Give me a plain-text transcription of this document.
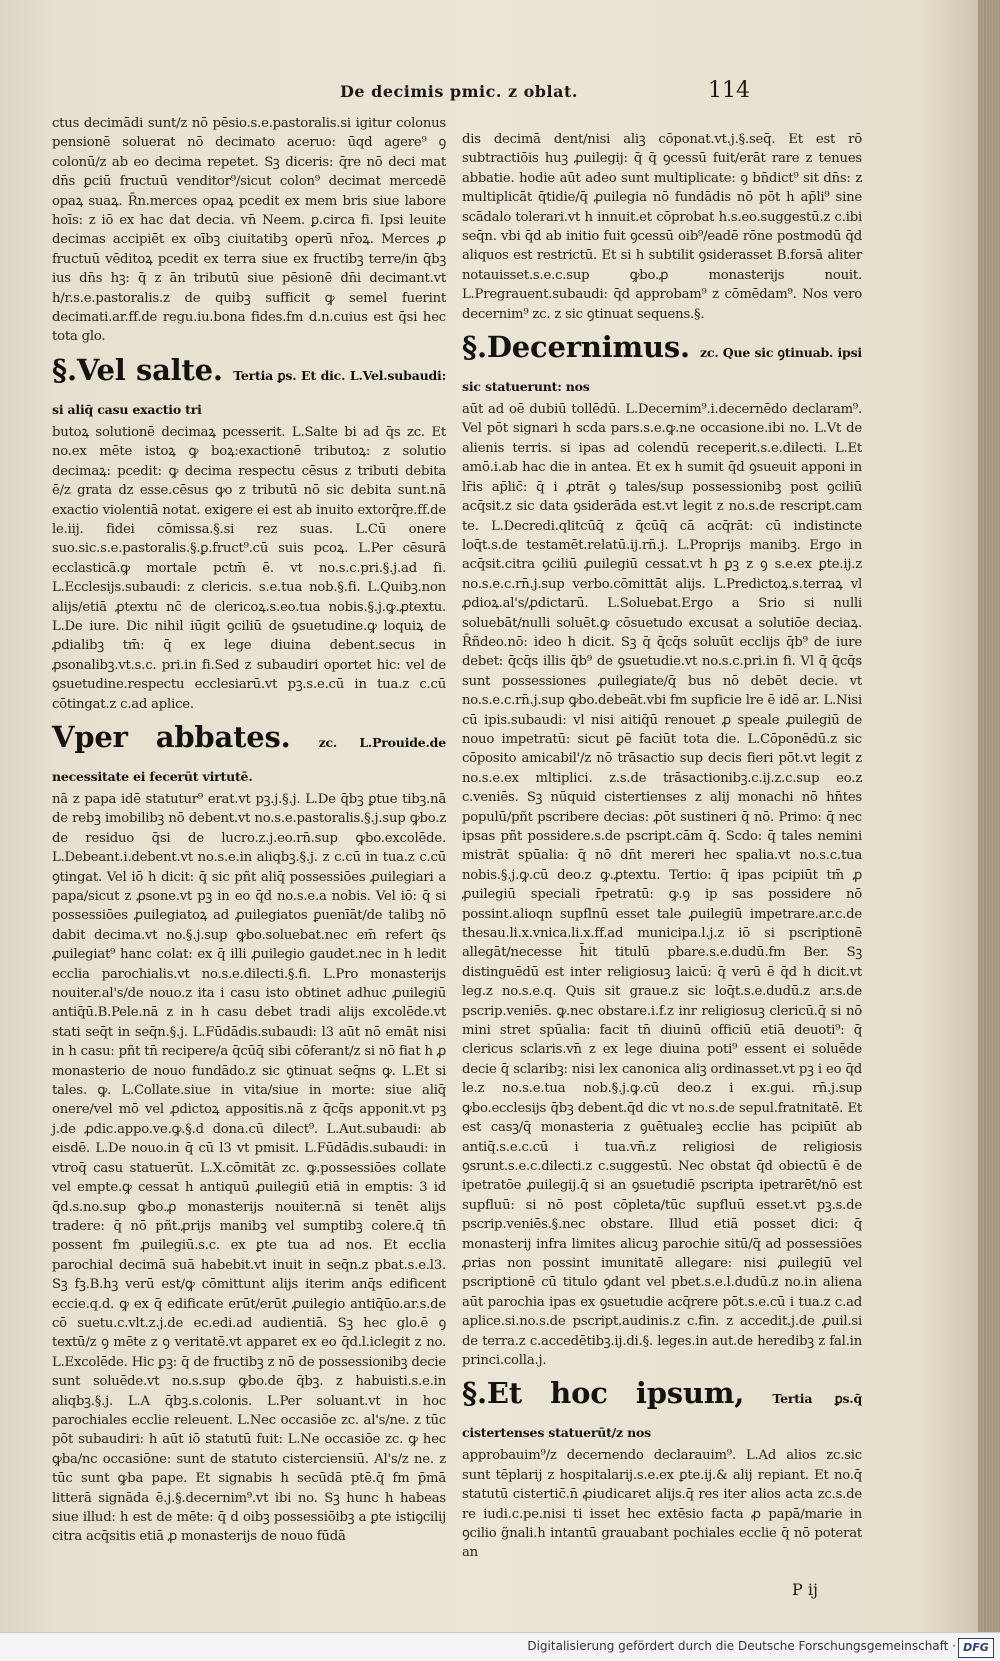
De decimis pmic. z oblat.	114

ctus decimādi sunt/z nō pēsio.s.e.pastoralis.si igitur colonus pensionē soluerat nō decimato aceruo: ūqd agere⁹ ꝯ colonū/z ab eo decima repetet. Sꝫ diceris: q̄re nō deci mat dn̄s ꝑciū fructuū venditor⁹/sicut colon⁹ decimat mercedē opaꝝ suaꝝ. R̄n.merces opaꝝ pcedit ex mem bris siue labore hoīs: z iō ex hac dat decia. vn̄ Neem. ꝑ.circa fi. Ipsi leuite decimas accipiēt ex oībꝫ ciuitatibꝫ operū nr̄oꝝ. Merces ꝓ fructuū vēditoꝝ pcedit ex terra siue ex fructibꝫ terre/in q̄bꝫ ius dn̄s hꝫ: q̄ z ān tributū siue pēsionē dn̄i decimant.vt h/r.s.e.pastoralis.z de quibꝫ sufficit ꝙ semel fuerint decimati.ar.ff.de regu.iu.bona fides.fm d.n.cuius est q̄si hec tota glo.

§.Vel salte. Tertia ꝑs. Et dic. L.Vel.subaudi: si aliq̄ casu exactio tri

butoꝝ solutionē decimaꝝ pcesserit. L.Salte bi ad q̄s zc. Et no.ex mēte istoꝝ ꝙ boꝝ:exactionē tributoꝝ: z solutio decimaꝝ: pcedit: ꝙ decima respectu cēsus z tributi debita ē/z grata dz esse.cēsus ꝙo z tributū nō sic debita sunt.nā exactio violentiā notat. exigere ei est ab inuito extorq̄re.ff.de le.iij. fidei cōmissa.§.si rez suas. L.Cū onere suo.sic.s.e.pastoralis.§.ꝑ.fruct⁹.cū suis pcoꝝ. L.Per cēsurā ecclasticā.ꝙ mortale pctm̄ ē. vt no.s.c.pri.§.j.ad fi. L.Ecclesijs.subaudi: z clericis. s.e.tua nob.§.fi. L.Quibꝫ.non alijs/etiā ꝓtextu nc̄ de clericoꝝ.s.eo.tua nobis.§.j.ꝙ.ꝓtextu. L.De iure. Dic nihil iūgit ꝯciliū de ꝯsuetudine.ꝙ loquiꝝ de ꝓdialibꝫ tm̄: q̄ ex lege diuina debent.secus in ꝓsonalibꝫ.vt.s.c. pri.in fi.Sed z subaudiri oportet hic: vel de ꝯsuetudine.respectu ecclesiarū.vt pꝫ.s.e.cū in tua.z c.cū cōtingat.z c.ad aplice.

Vper abbates. zc. L.Prouide.de necessitate ei fecerūt virtutē.

nā z papa idē statutur⁹ erat.vt pꝫ.j.§.j. L.De q̄bꝫ ꝑtue tibꝫ.nā de rebꝫ imobilibꝫ nō debent.vt no.s.e.pastoralis.§.j.sup ꝙbo.z de residuo q̄si de lucro.z.j.eo.rn̄.sup ꝙbo.excolēde. L.Debeant.i.debent.vt no.s.e.in aliqbꝫ.§.j. z c.cū in tua.z c.cū ꝯtingat. Vel iō h dicit: q̄ sic pñt aliq̄ possessiōes ꝓuilegiari a papa/sicut z ꝓsone.vt pꝫ in eo q̄d no.s.e.a nobis. Vel iō: q̄ si possessiōes ꝓuilegiatoꝝ ad ꝓuilegiatos ꝑuenīāt/de talibꝫ nō dabit decima.vt no.§.j.sup ꝙbo.soluebat.nec em̄ refert q̄s ꝓuilegiat⁹ hanc colat: ex q̄ illi ꝓuilegio gaudet.nec in h ledit ecclia parochialis.vt no.s.e.dilecti.§.fi. L.Pro monasterijs nouiter.al's/de nouo.z ita i casu isto obtinet adhuc ꝓuilegiū antiq̄ū.B.Pele.nā z in h casu debet tradi alijs excolēde.vt stati seq̄t in seq̄n.§.j. L.Fūdādis.subaudi: l3 aūt nō emāt nisi in h casu: pñt tn̄ recipere/a q̄cūq̄ sibi cōferant/z si nō fiat h ꝓ monasterio de nouo fundādo.z sic ꝯtinuat seq̄ns ꝙ. L.Et si tales. ꝙ. L.Collate.siue in vita/siue in morte: siue aliq̄ onere/vel mō vel ꝓdictoꝝ appositis.nā z q̄cq̄s apponit.vt pꝫ j.de ꝓdic.appo.ve.ꝙ.§.d dona.cū dilect⁹. L.Aut.subaudi: ab eisdē. L.De nouo.in q̄ cū l3 vt pmisit. L.Fūdādis.subaudi: in vtroq̄ casu statuerūt. L.X.cōmitāt zc. ꝙ.possessiōes collate vel empte.ꝙ cessat h antiquū ꝓuilegiū etiā in emptis: 3 id q̄d.s.no.sup ꝙbo.ꝓ monasterijs nouiter.nā si tenēt alijs tradere: q̄ nō pñt.ꝓrijs manibꝫ vel sumptibꝫ colere.q̄ tn̄ possent fm ꝓuilegiū.s.c. ex ꝑte tua ad nos. Et ecclia parochial decimā suā habebit.vt inuit in seq̄n.z pbat.s.e.l3. Sꝫ fꝫ.B.hꝫ verū est/ꝙ cōmittunt alijs iterim anq̄s edificent eccie.q.d. ꝙ ex q̄ edificate erūt/erūt ꝓuilegio antiq̄ūo.ar.s.de cō suetu.c.vlt.z.j.de ec.edi.ad audientiā. Sꝫ hec glo.ē ꝯ textū/z ꝯ mēte z ꝯ veritatē.vt apparet ex eo q̄d.l.iclegit z no. L.Excolēde. Hic ꝑꝫ: q̄ de fructibꝫ z nō de possessionibꝫ decie sunt soluēde.vt no.s.sup ꝙbo.de q̄bꝫ. z habuisti.s.e.in aliqbꝫ.§.j. L.A q̄bꝫ.s.colonis. L.Per soluant.vt in hoc parochiales ecclie releuent. L.Nec occasiōe zc. al's/ne. z tūc pōt subaudiri: h aūt iō statutū fuit: L.Ne occasiōe zc. ꝙ hec ꝙba/nc occasiōne: sunt de statuto cisterciensiū. Al's/z ne. z tūc sunt ꝙba pape. Et signabis h secūdā ptē.q̄ fm p̄mā litterā signāda ē.j.§.decernim⁹.vt ibi no. Sꝫ hunc h habeas siue illud: h est de mēte: q̄ d oibꝫ possessiōibꝫ a ꝑte istiꝯcilij citra acq̄sitis etiā ꝓ monasterijs de nouo fūdā

dis decimā dent/nisi aliꝫ cōponat.vt.j.§.seq̄. Et est rō subtractiōis huꝫ ꝓuilegij: q̄ q̄ ꝯcessū fuit/erāt rare z tenues abbatie. hodie aūt adeo sunt multiplicate: ꝯ bn̄dict⁹ sit dn̄s: z multiplicāt q̄tidie/q̄ ꝓuilegia nō fundādis nō pōt h ap̄li⁹ sine scādalo tolerari.vt h innuit.et cōprobat h.s.eo.suggestū.z c.ibi seq̄n. vbi q̄d ab initio fuit ꝯcessū oib⁹/eadē rōne postmodū q̄d aliquos est restrictū. Et si h subtilit ꝯsiderasset B.forsā aliter notauisset.s.e.c.sup ꝙbo.ꝓ monasterijs nouit. L.Pregrauent.subaudi: q̄d approbam⁹ z cōmēdam⁹. Nos vero decernim⁹ zc. z sic ꝯtinuat sequens.§.

§.Decernimus. zc. Que sic ꝯtinuab. ipsi sic statuerunt: nos

aūt ad oē dubiū tollēdū. L.Decernim⁹.i.decernēdo declaram⁹. Vel pōt signari h scda pars.s.e.ꝙ.ne occasione.ibi no. L.Vt de alienis terris. si ipas ad colendū receperit.s.e.dilecti. L.Et amō.i.ab hac die in antea. Et ex h sumit q̄d ꝯsueuit apponi in lr̄is ap̄lic̄: q̄ i ꝓtrāt ꝯ tales/sup possessionibꝫ post ꝯciliū acq̄sit.z sic data ꝯsiderāda est.vt legit z no.s.de rescript.cam te. L.Decredi.qlitcūq̄ z q̄cūq̄ cā acq̄rāt: cū indistincte loq̄t.s.de testamēt.relatū.ij.rn̄.j. L.Proprijs manibꝫ. Ergo in acq̄sit.citra ꝯciliū ꝓuilegiū cessat.vt h ꝑꝫ z ꝯ s.e.ex ꝑte.ij.z no.s.e.c.rn̄.j.sup verbo.cōmittāt alijs. L.Predictoꝝ.s.terraꝝ vl ꝓdioꝝ.al's/ꝓdictarū. L.Soluebat.Ergo a Srio si nulli soluebāt/nulli soluēt.ꝙ cōsuetudo excusat a solutiōe deciaꝝ. R̄ñdeo.nō: ideo h dicit. Sꝫ q̄ q̄cq̄s soluūt ecclijs q̄b⁹ de iure debet: q̄cq̄s illis q̄b⁹ de ꝯsuetudie.vt no.s.c.pri.in fi. Vl q̄ q̄cq̄s sunt possessiones ꝓuilegiate/q̄ bus nō debēt decie. vt no.s.e.c.rn̄.j.sup ꝙbo.debeāt.vbi fm supficie lre ē idē ar. L.Nisi cū ipis.subaudi: vl nisi aitiq̄ū renouet ꝓ speale ꝓuilegiū de nouo impetratū: sicut ꝑē faciūt tota die. L.Cōponēdū.z sic cōposito amicabil'/z nō trāsactio sup decis fieri pōt.vt legit z no.s.e.ex mltiplici. z.s.de trāsactionibꝫ.c.ij.z.c.sup eo.z c.veniēs. Sꝫ nūquid cistertienses z alij monachi nō hn̄tes populū/pñt pscribere decias: ꝓōt sustineri q̄ nō. Primo: q̄ nec ipsas pñt possidere.s.de pscript.cām q̄. Scdo: q̄ tales nemini mistrāt spūalia: q̄ nō dn̄t mereri hec spalia.vt no.s.c.tua nobis.§.j.ꝙ.cū deo.z ꝙ.ꝓtextu. Tertio: q̄ ipas pcipiūt tm̄ ꝓ ꝓuilegiū speciali r̄petratū: ꝙ.ꝯ ip sas possidere nō possint.alioqn supflnū esset tale ꝓuilegiū impetrare.ar.c.de thesau.li.x.vnica.li.x.ff.ad municipa.l.j.z iō si pscriptionē allegāt/necesse h̄it titulū pbare.s.e.dudū.fm Ber. Sꝫ distinguēdū est inter religiosuꝫ laicū: q̄ verū ē q̄d h dicit.vt leg.z no.s.e.q. Quis sit graue.z sic loq̄t.s.e.dudū.z ar.s.de pscrip.veniēs. ꝙ.nec obstare.i.f.z inr religiosuꝫ clericū.q̄ si nō mini stret spūalia: facit tn̄ diuinū officiū etiā deuoti⁹: q̄ clericus sclaris.vn̄ z ex lege diuina poti⁹ essent ei soluēde decie q̄ sclaribꝫ: nisi lex canonica aliꝫ ordinasset.vt pꝫ i eo q̄d le.z no.s.e.tua nob.§.j.ꝙ.cū deo.z i ex.gui. rn̄.j.sup ꝙbo.ecclesijs q̄bꝫ debent.q̄d dic vt no.s.de sepul.fratnitatē. Et est casꝫ/q̄ monasteria z ꝯuētualeꝫ ecclie has pcipiūt ab antiq̄.s.e.c.cū i tua.vn̄.z religiosi de religiosis ꝯsrunt.s.e.c.dilecti.z c.suggestū. Nec obstat q̄d obiectū ē de ipetratōe ꝓuilegij.q̄ si an ꝯsuetudiē pscripta ipetrarēt/nō est supfluū: si nō post cōpleta/tūc supfluū esset.vt pꝫ.s.de pscrip.veniēs.§.nec obstare. Illud etiā posset dici: q̄ monasterij infra limites alicuꝫ parochie sitū/q̄ ad possessiōes ꝓrias non possint imunitatē allegare: nisi ꝓuilegiū vel pscriptionē cū titulo ꝯdant vel pbet.s.e.l.dudū.z no.in aliena aūt parochia ipas ex ꝯsuetudie acq̄rere pōt.s.e.cū i tua.z c.ad aplice.si.no.s.de pscript.audinis.z c.fin. z accedit.j.de ꝓuil.si de terra.z c.accedētibꝫ.ij.di.§. leges.in aut.de heredibꝫ z fal.in princi.colla.j.

§.Et hoc ipsum, Tertia ꝑs.q̄ cistertenses statuerūt/z nos

approbauim⁹/z decernendo declarauim⁹. L.Ad alios zc.sic sunt tēplarij z hospitalarij.s.e.ex ꝑte.ij.& alij repiant. Et no.q̄ statutū cistertic̄.n̄ ꝓiudicaret alijs.q̄ res iter alios acta zc.s.de re iudi.c.pe.nisi ti isset hec extēsio facta ꝓ papā/marie in ꝯcilio g̃nali.h intantū grauabant pochiales ecclie q̄ nō poterat an

P ij
Digitalisierung gefördert durch die Deutsche Forschungsgemeinschaft · DFG
